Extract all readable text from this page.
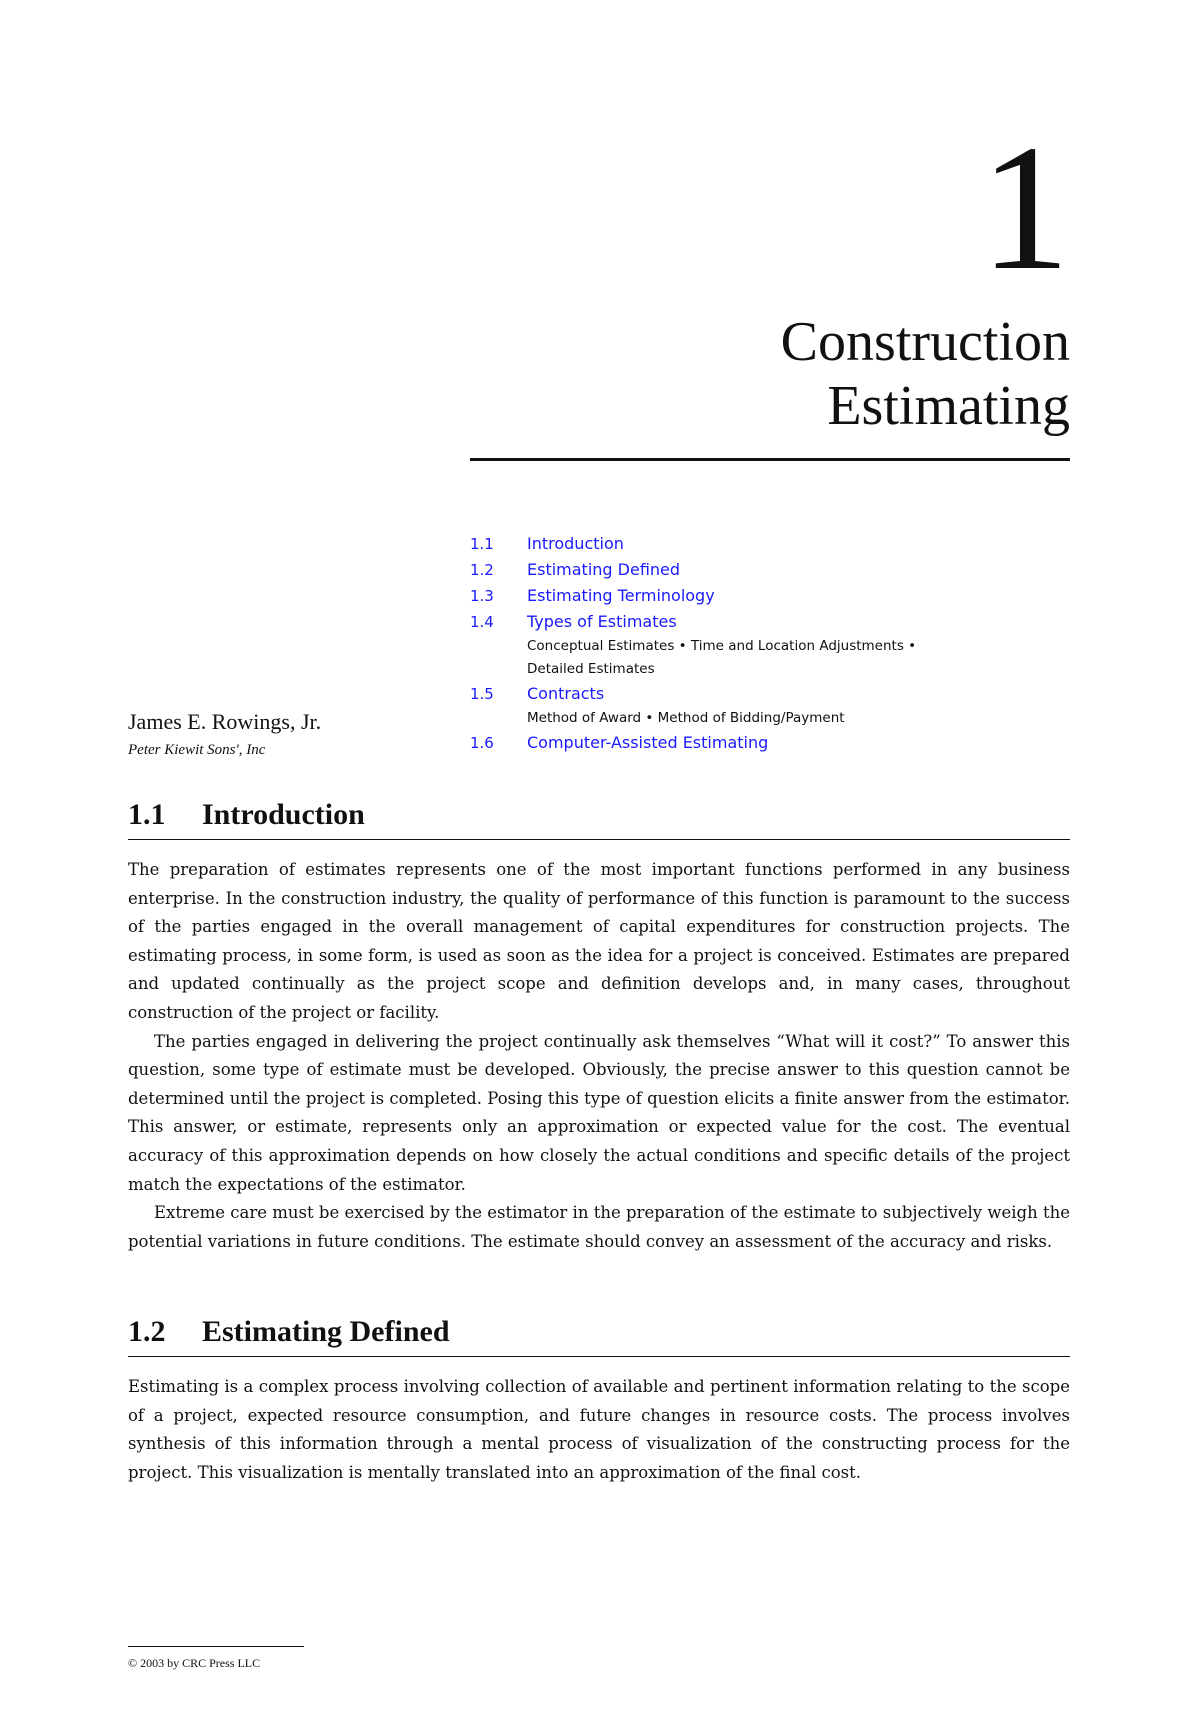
1
Construction
Estimating
1.1	Introduction
1.2	Estimating Defined
1.3	Estimating Terminology
1.4	Types of Estimates
Conceptual Estimates • Time and Location Adjustments •
Detailed Estimates
1.5	Contracts
Method of Award • Method of Bidding/Payment
1.6	Computer-Assisted Estimating
James E. Rowings, Jr.
Peter Kiewit Sons', Inc
1.1 Introduction

The preparation of estimates represents one of the most important functions performed in any business enterprise. In the construction industry, the quality of performance of this function is paramount to the success of the parties engaged in the overall management of capital expenditures for construction projects. The estimating process, in some form, is used as soon as the idea for a project is conceived. Estimates are prepared and updated continually as the project scope and definition develops and, in many cases, throughout construction of the project or facility.

The parties engaged in delivering the project continually ask themselves “What will it cost?” To answer this question, some type of estimate must be developed. Obviously, the precise answer to this question cannot be determined until the project is completed. Posing this type of question elicits a finite answer from the estimator. This answer, or estimate, represents only an approximation or expected value for the cost. The eventual accuracy of this approximation depends on how closely the actual conditions and specific details of the project match the expectations of the estimator.

Extreme care must be exercised by the estimator in the preparation of the estimate to subjectively weigh the potential variations in future conditions. The estimate should convey an assessment of the accuracy and risks.

1.2 Estimating Defined

Estimating is a complex process involving collection of available and pertinent information relating to the scope of a project, expected resource consumption, and future changes in resource costs. The process involves synthesis of this information through a mental process of visualization of the constructing process for the project. This visualization is mentally translated into an approximation of the final cost.

© 2003 by CRC Press LLC
